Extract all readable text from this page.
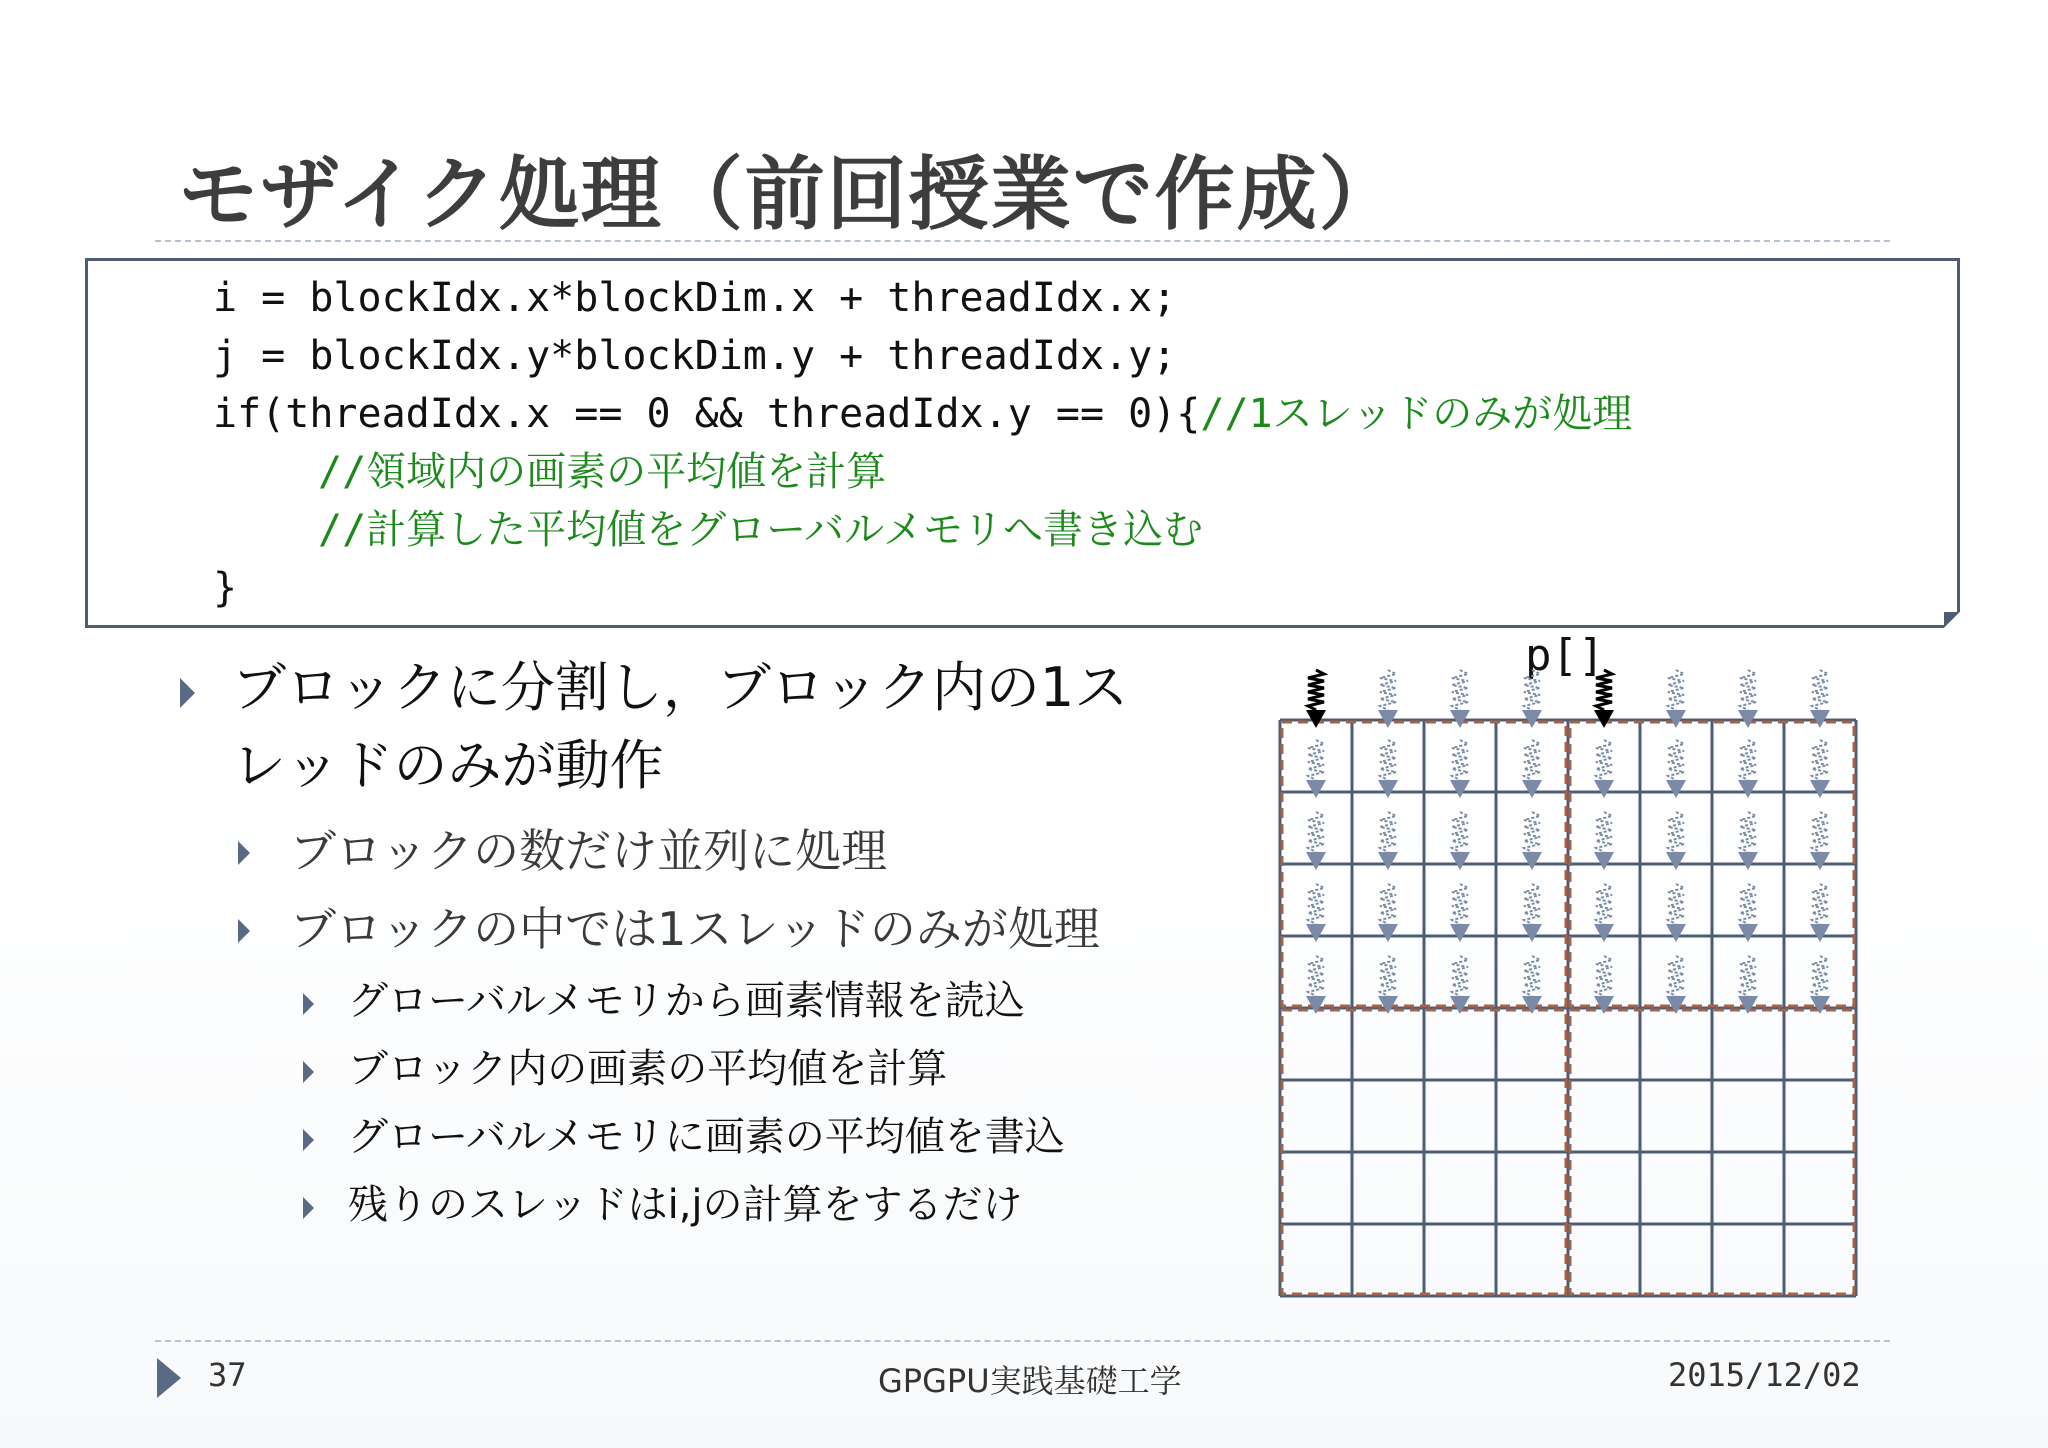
モザイク処理（前回授業で作成）
i = blockIdx.x*blockDim.x + threadIdx.x;
j = blockIdx.y*blockDim.y + threadIdx.y;
if(threadIdx.x == 0 && threadIdx.y == 0){//1スレッドのみが処理
//領域内の画素の平均値を計算
//計算した平均値をグローバルメモリへ書き込む
}
ブロックに分割し，ブロック内の1ス
レッドのみが動作
ブロックの数だけ並列に処理
ブロックの中では1スレッドのみが処理
グローバルメモリから画素情報を読込
ブロック内の画素の平均値を計算
グローバルメモリに画素の平均値を書込
残りのスレッドはi,jの計算をするだけ
p[]
37	GPGPU実践基礎工学	2015/12/02
